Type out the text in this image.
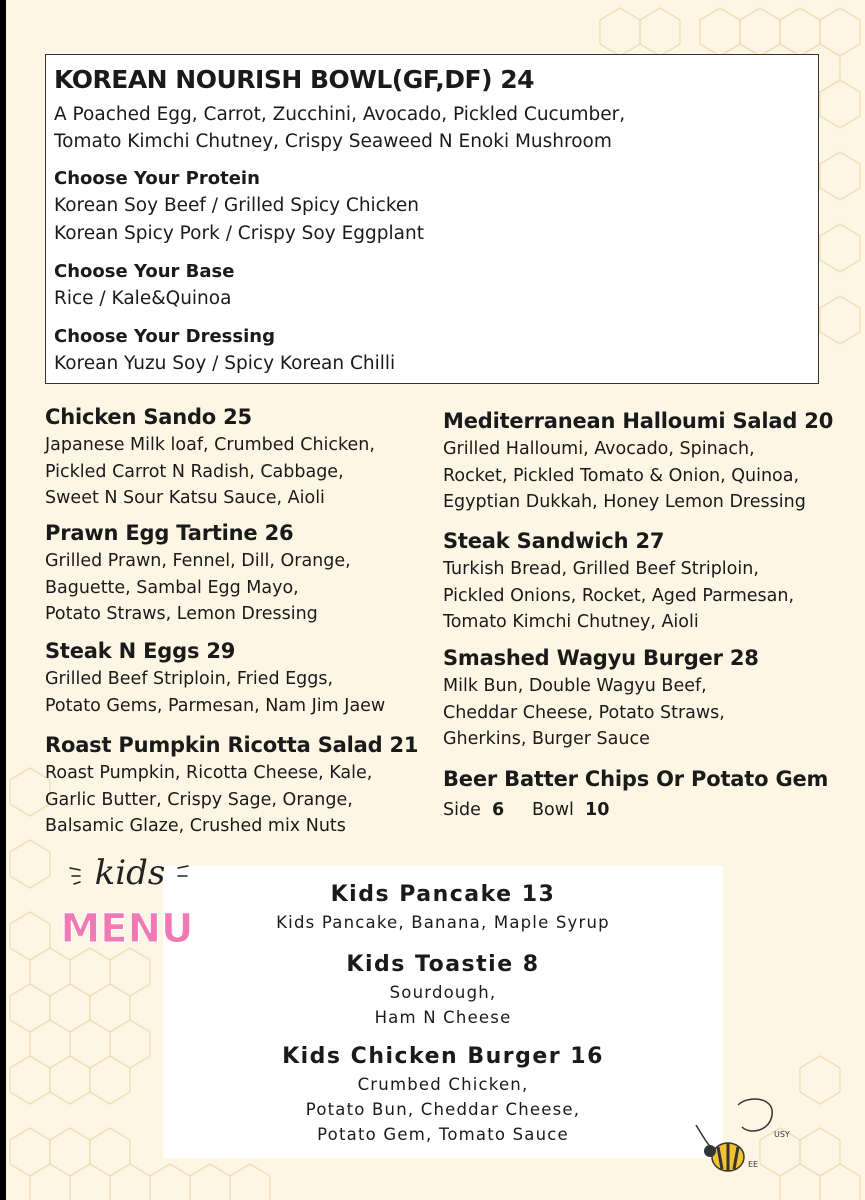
KOREAN NOURISH BOWL(GF,DF) 24

A Poached Egg, Carrot, Zucchini, Avocado, Pickled Cucumber,

Tomato Kimchi Chutney, Crispy Seaweed N Enoki Mushroom

Choose Your Protein

Korean Soy Beef / Grilled Spicy Chicken

Korean Spicy Pork / Crispy Soy Eggplant

Choose Your Base

Rice / Kale&Quinoa

Choose Your Dressing

Korean Yuzu Soy / Spicy Korean Chilli

Chicken Sando 25

Japanese Milk loaf, Crumbed Chicken,

Pickled Carrot N Radish, Cabbage,

Sweet N Sour Katsu Sauce, Aioli

Prawn Egg Tartine 26

Grilled Prawn, Fennel, Dill, Orange,

Baguette, Sambal Egg Mayo,

Potato Straws, Lemon Dressing

Steak N Eggs 29

Grilled Beef Striploin, Fried Eggs,

Potato Gems, Parmesan, Nam Jim Jaew

Roast Pumpkin Ricotta Salad 21

Roast Pumpkin, Ricotta Cheese, Kale,

Garlic Butter, Crispy Sage, Orange,

Balsamic Glaze, Crushed mix Nuts

Mediterranean Halloumi Salad 20

Grilled Halloumi, Avocado, Spinach,

Rocket, Pickled Tomato & Onion, Quinoa,

Egyptian Dukkah, Honey Lemon Dressing

Steak Sandwich 27

Turkish Bread, Grilled Beef Striploin,

Pickled Onions, Rocket, Aged Parmesan,

Tomato Kimchi Chutney, Aioli

Smashed Wagyu Burger 28

Milk Bun, Double Wagyu Beef,

Cheddar Cheese, Potato Straws,

Gherkins, Burger Sauce

Beer Batter Chips Or Potato Gem

Side 6 Bowl 10

Kids Pancake 13

Kids Pancake, Banana, Maple Syrup

Kids Toastie 8

Sourdough,

Ham N Cheese

Kids Chicken Burger 16

Crumbed Chicken,

Potato Bun, Cheddar Cheese,

Potato Gem, Tomato Sauce

kids
MENU
USY
EE
